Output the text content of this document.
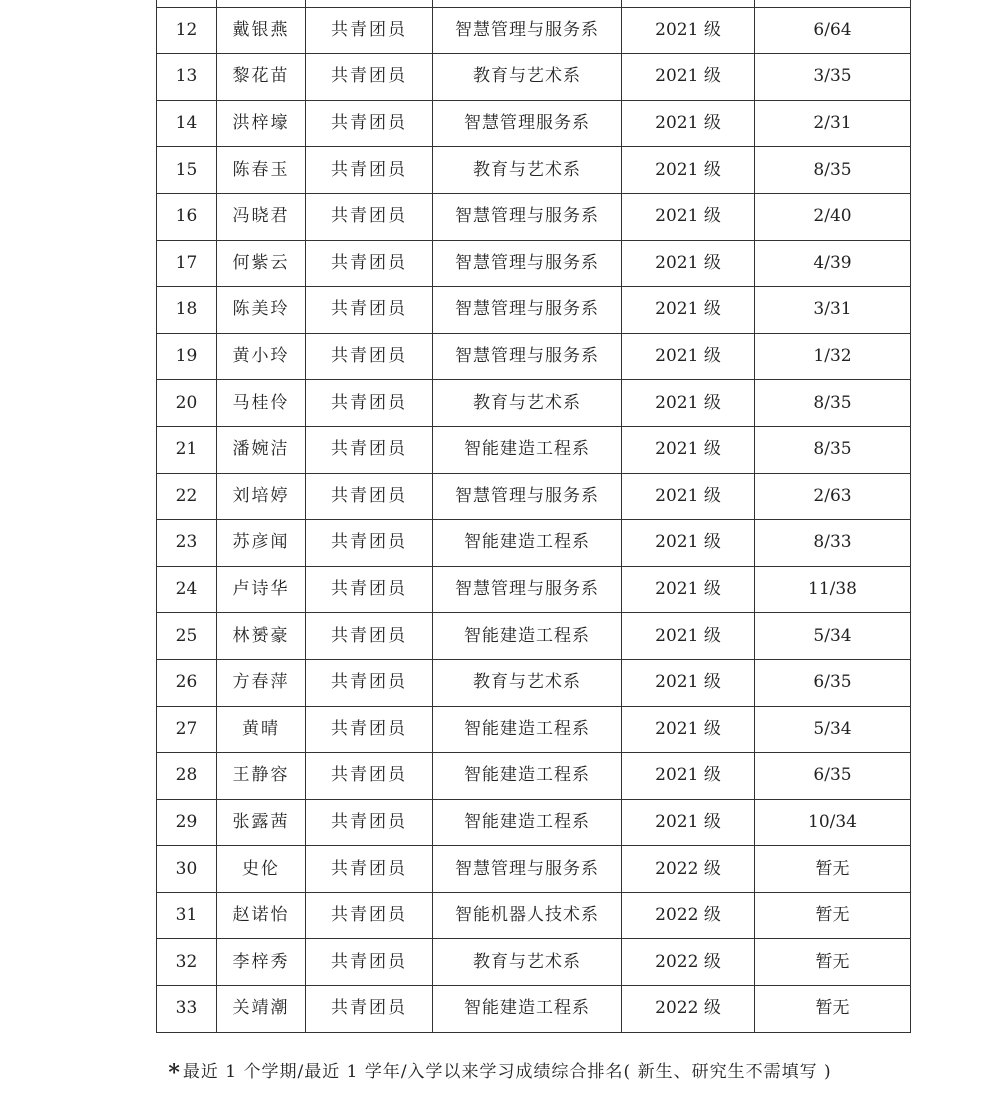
12	戴银燕	共青团员	智慧管理与服务系	2021 级	6/64
13	黎花苗	共青团员	教育与艺术系	2021 级	3/35
14	洪梓壕	共青团员	智慧管理服务系	2021 级	2/31
15	陈春玉	共青团员	教育与艺术系	2021 级	8/35
16	冯晓君	共青团员	智慧管理与服务系	2021 级	2/40
17	何紫云	共青团员	智慧管理与服务系	2021 级	4/39
18	陈美玲	共青团员	智慧管理与服务系	2021 级	3/31
19	黄小玲	共青团员	智慧管理与服务系	2021 级	1/32
20	马桂伶	共青团员	教育与艺术系	2021 级	8/35
21	潘婉洁	共青团员	智能建造工程系	2021 级	8/35
22	刘培婷	共青团员	智慧管理与服务系	2021 级	2/63
23	苏彦闻	共青团员	智能建造工程系	2021 级	8/33
24	卢诗华	共青团员	智慧管理与服务系	2021 级	11/38
25	林赟豪	共青团员	智能建造工程系	2021 级	5/34
26	方春萍	共青团员	教育与艺术系	2021 级	6/35
27	黄晴	共青团员	智能建造工程系	2021 级	5/34
28	王静容	共青团员	智能建造工程系	2021 级	6/35
29	张露茜	共青团员	智能建造工程系	2021 级	10/34
30	史伦	共青团员	智慧管理与服务系	2022 级	暂无
31	赵诺怡	共青团员	智能机器人技术系	2022 级	暂无
32	李梓秀	共青团员	教育与艺术系	2022 级	暂无
33	关靖潮	共青团员	智能建造工程系	2022 级	暂无
* 最近 1 个学期/最近 1 学年/入学以来学习成绩综合排名( 新生、研究生不需填写 )
